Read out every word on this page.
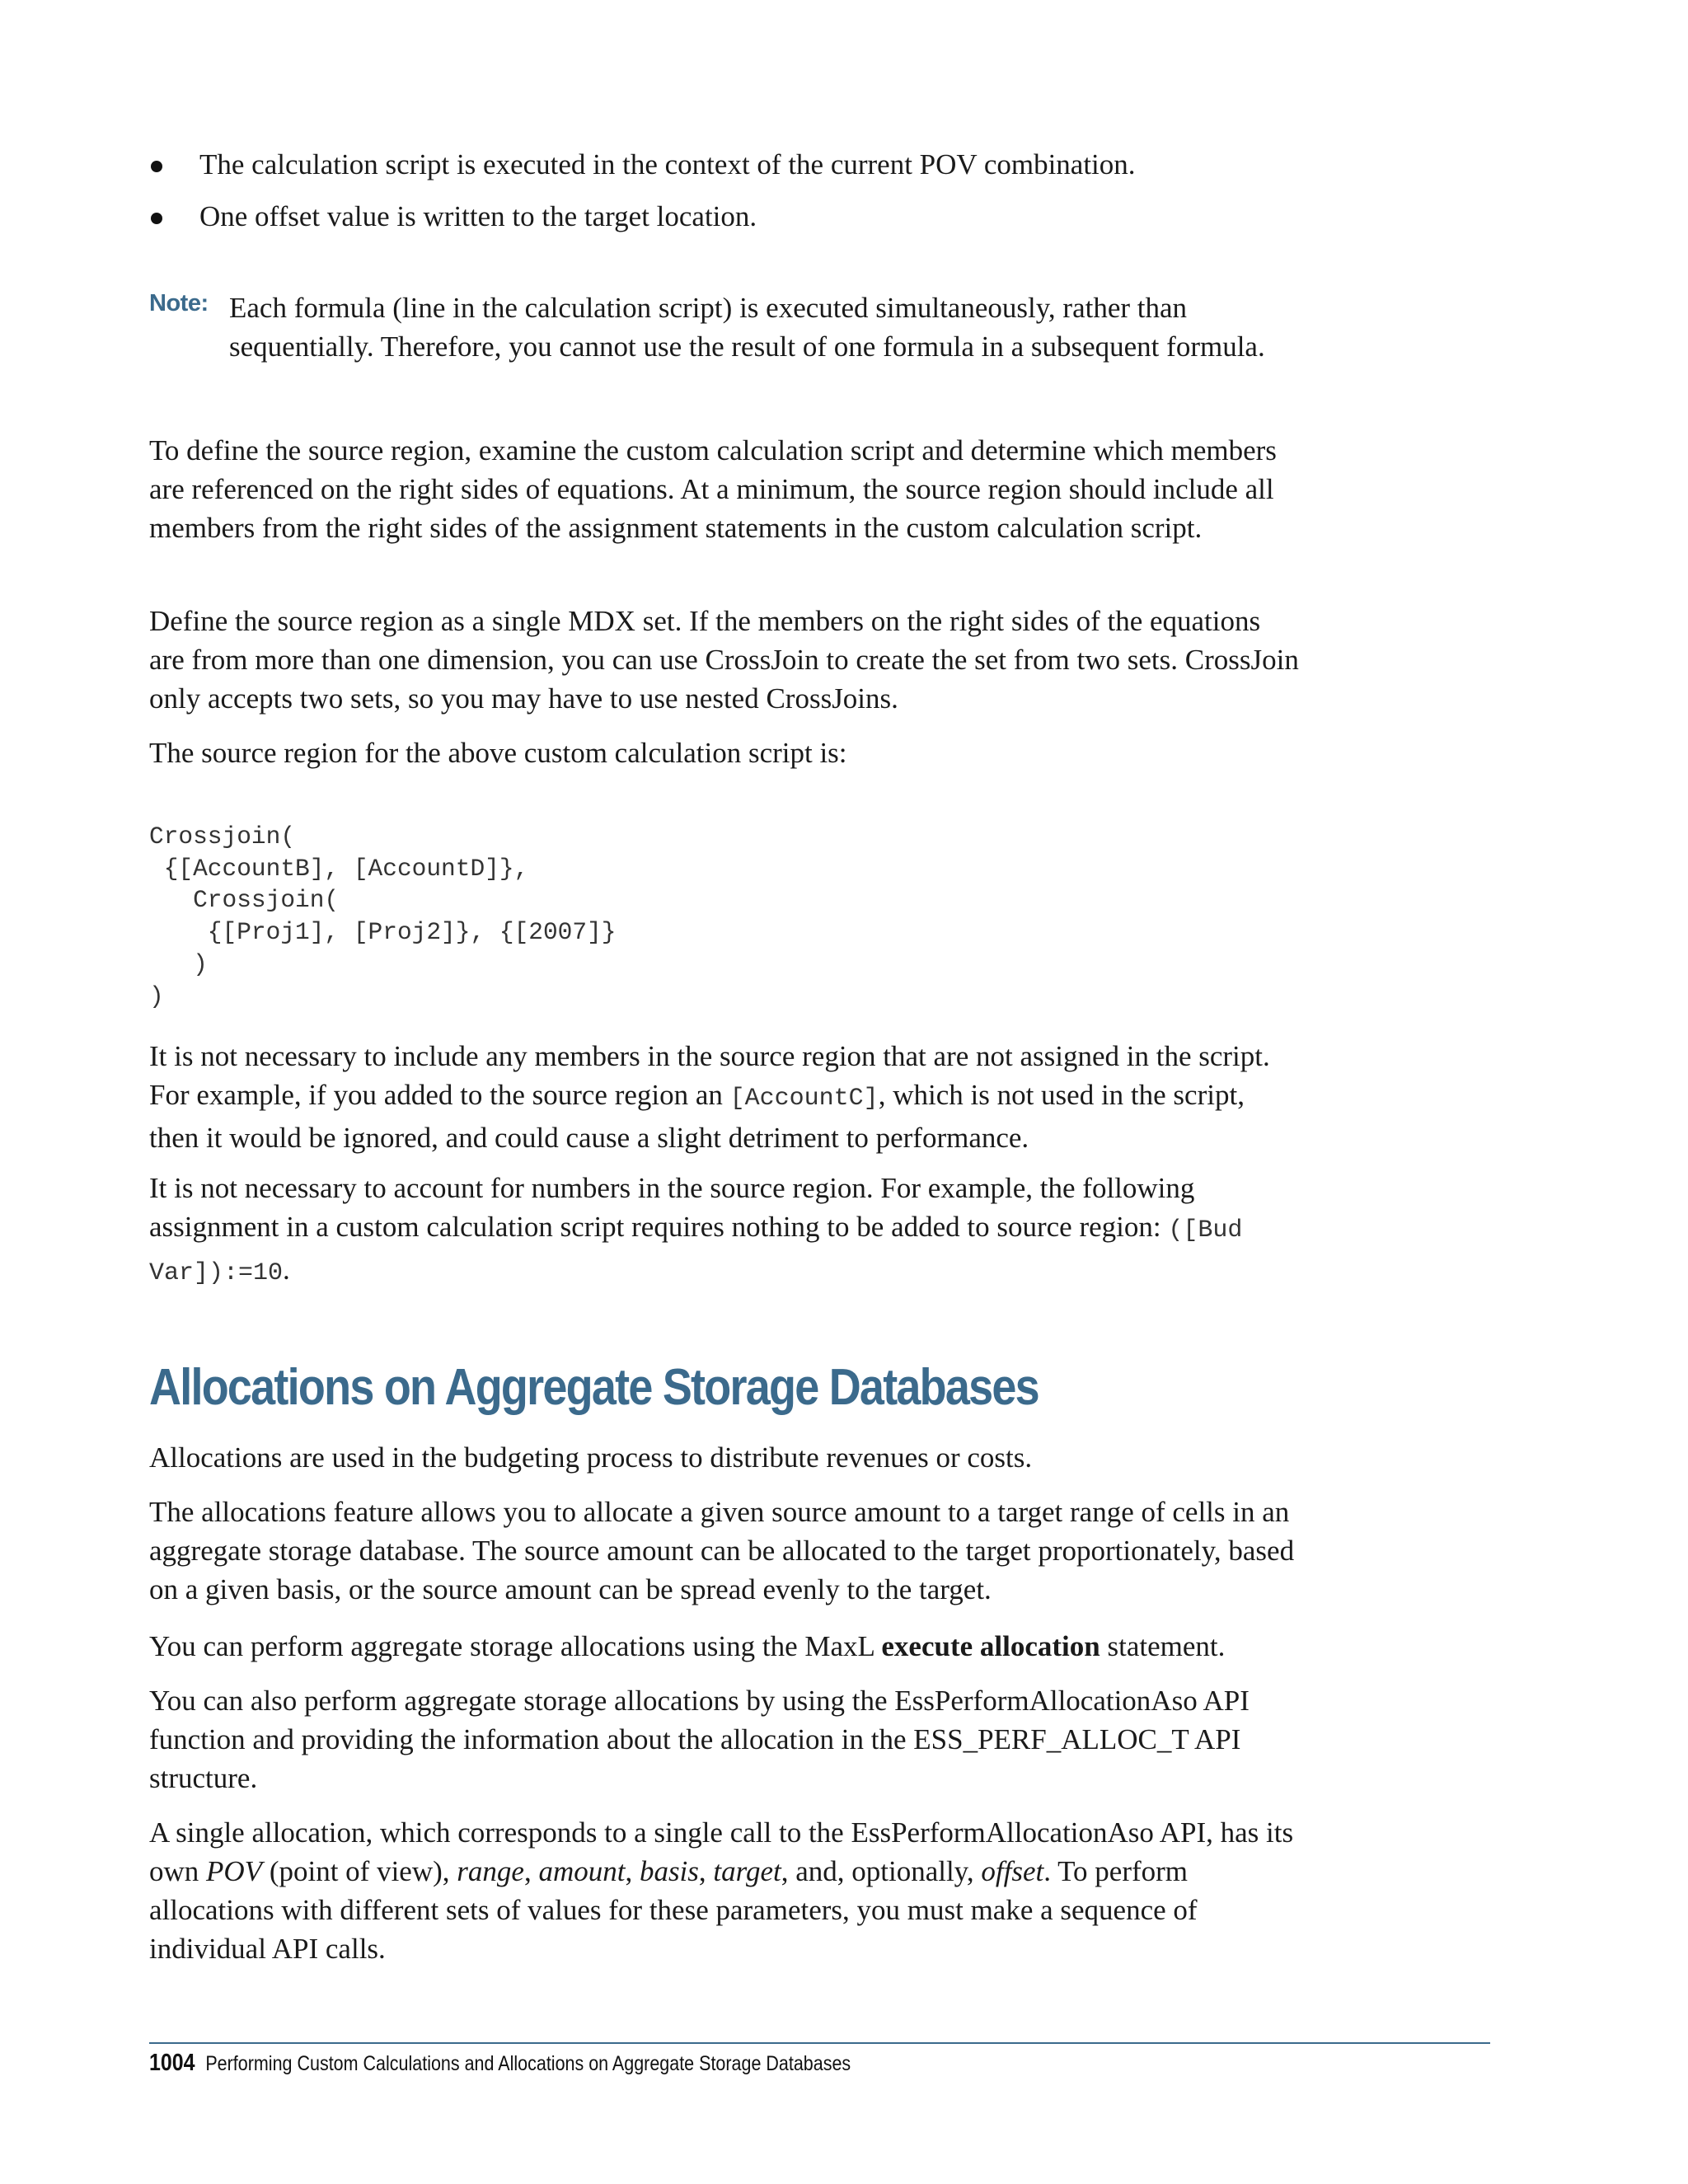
The calculation script is executed in the context of the current POV combination.
One offset value is written to the target location.
Note: Each formula (line in the calculation script) is executed simultaneously, rather than sequentially. Therefore, you cannot use the result of one formula in a subsequent formula.

To define the source region, examine the custom calculation script and determine which members are referenced on the right sides of equations. At a minimum, the source region should include all members from the right sides of the assignment statements in the custom calculation script.

Define the source region as a single MDX set. If the members on the right sides of the equations are from more than one dimension, you can use CrossJoin to create the set from two sets. CrossJoin only accepts two sets, so you may have to use nested CrossJoins.

The source region for the above custom calculation script is:

Crossjoin(
{[AccountB], [AccountD]},
Crossjoin(
{[Proj1], [Proj2]}, {[2007]}
)
)

It is not necessary to include any members in the source region that are not assigned in the script. For example, if you added to the source region an [AccountC], which is not used in the script, then it would be ignored, and could cause a slight detriment to performance.

It is not necessary to account for numbers in the source region. For example, the following assignment in a custom calculation script requires nothing to be added to source region: ([Bud Var]):=10.

Allocations on Aggregate Storage Databases

Allocations are used in the budgeting process to distribute revenues or costs.

The allocations feature allows you to allocate a given source amount to a target range of cells in an aggregate storage database. The source amount can be allocated to the target proportionately, based on a given basis, or the source amount can be spread evenly to the target.

You can perform aggregate storage allocations using the MaxL execute allocation statement.

You can also perform aggregate storage allocations by using the EssPerformAllocationAso API function and providing the information about the allocation in the ESS_PERF_ALLOC_T API structure.

A single allocation, which corresponds to a single call to the EssPerformAllocationAso API, has its own POV (point of view), range, amount, basis, target, and, optionally, offset. To perform allocations with different sets of values for these parameters, you must make a sequence of individual API calls.

1004 Performing Custom Calculations and Allocations on Aggregate Storage Databases
